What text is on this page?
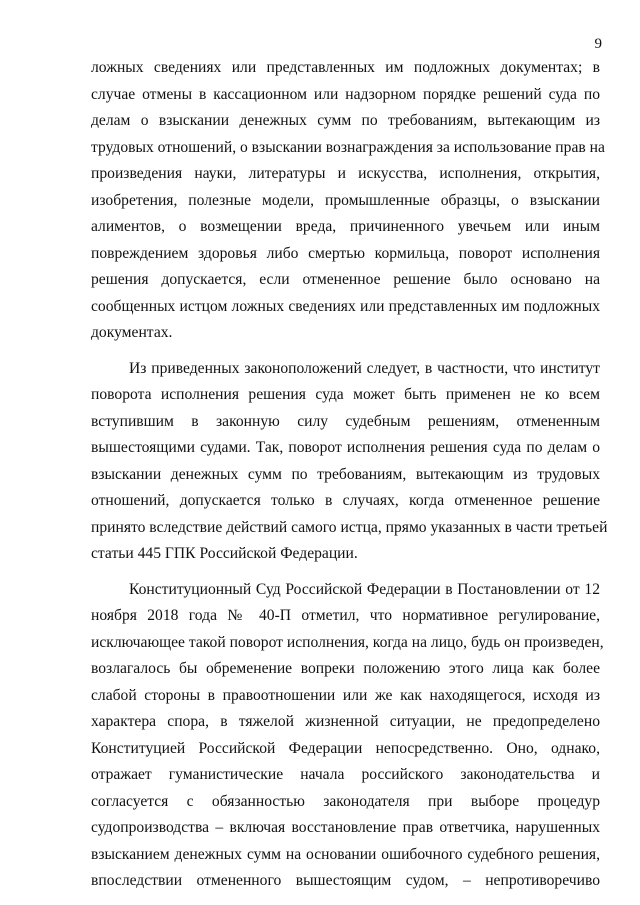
9
ложных сведениях или представленных им подложных документах; в
случае отмены в кассационном или надзорном порядке решений суда по
делам о взыскании денежных сумм по требованиям, вытекающим из
трудовых отношений, о взыскании вознаграждения за использование прав на
произведения науки, литературы и искусства, исполнения, открытия,
изобретения, полезные модели, промышленные образцы, о взыскании
алиментов, о возмещении вреда, причиненного увечьем или иным
повреждением здоровья либо смертью кормильца, поворот исполнения
решения допускается, если отмененное решение было основано на
сообщенных истцом ложных сведениях или представленных им подложных
документах.
Из приведенных законоположений следует, в частности, что институт
поворота исполнения решения суда может быть применен не ко всем
вступившим в законную силу судебным решениям, отмененным
вышестоящими судами. Так, поворот исполнения решения суда по делам о
взыскании денежных сумм по требованиям, вытекающим из трудовых
отношений, допускается только в случаях, когда отмененное решение
принято вследствие действий самого истца, прямо указанных в части третьей
статьи 445 ГПК Российской Федерации.
Конституционный Суд Российской Федерации в Постановлении от 12
ноября 2018 года № 40-П отметил, что нормативное регулирование,
исключающее такой поворот исполнения, когда на лицо, будь он произведен,
возлагалось бы обременение вопреки положению этого лица как более
слабой стороны в правоотношении или же как находящегося, исходя из
характера спора, в тяжелой жизненной ситуации, не предопределено
Конституцией Российской Федерации непосредственно. Оно, однако,
отражает гуманистические начала российского законодательства и
согласуется с обязанностью законодателя при выборе процедур
судопроизводства – включая восстановление прав ответчика, нарушенных
взысканием денежных сумм на основании ошибочного судебного решения,
впоследствии отмененного вышестоящим судом, – непротиворечиво
